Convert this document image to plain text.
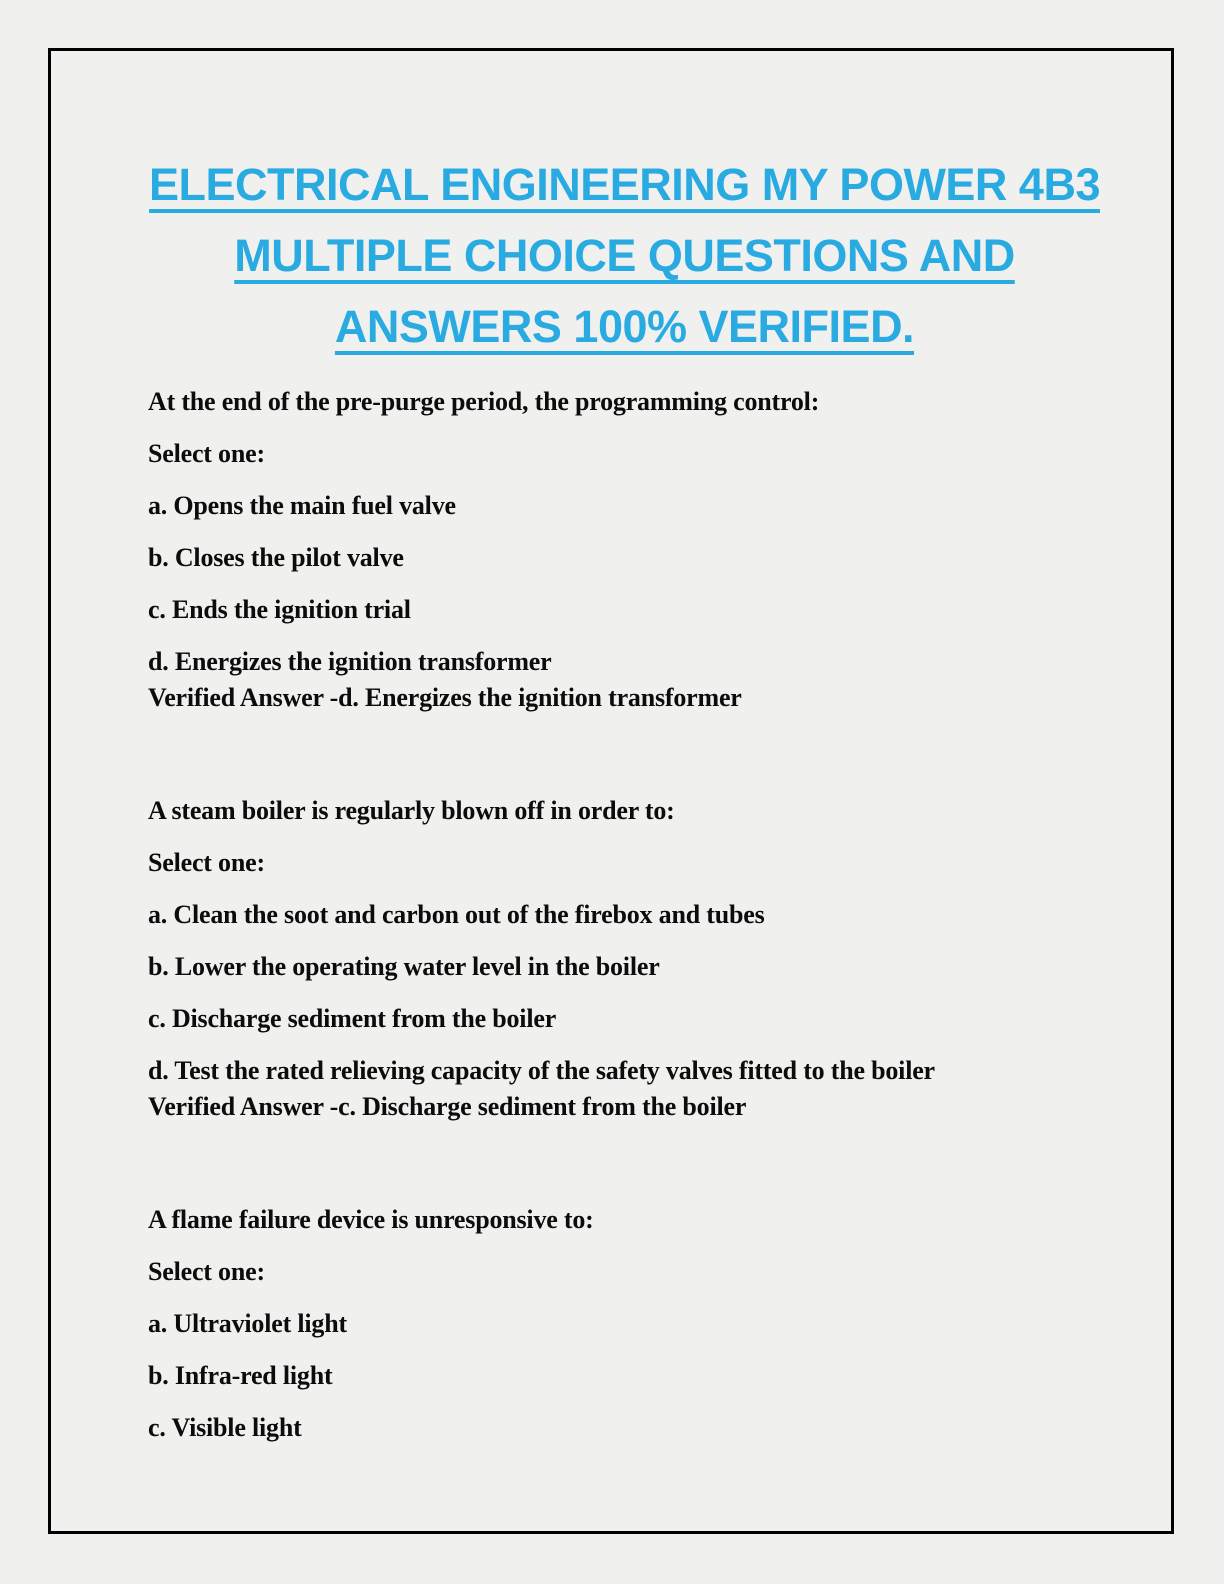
ELECTRICAL ENGINEERING MY POWER 4B3
MULTIPLE CHOICE QUESTIONS AND
ANSWERS 100% VERIFIED.

At the end of the pre-purge period, the programming control:

Select one:

a. Opens the main fuel valve

b. Closes the pilot valve

c. Ends the ignition trial

d. Energizes the ignition transformer
Verified Answer -d. Energizes the ignition transformer

A steam boiler is regularly blown off in order to:

Select one:

a. Clean the soot and carbon out of the firebox and tubes

b. Lower the operating water level in the boiler

c. Discharge sediment from the boiler

d. Test the rated relieving capacity of the safety valves fitted to the boiler
Verified Answer -c. Discharge sediment from the boiler

A flame failure device is unresponsive to:

Select one:

a. Ultraviolet light

b. Infra-red light

c. Visible light
